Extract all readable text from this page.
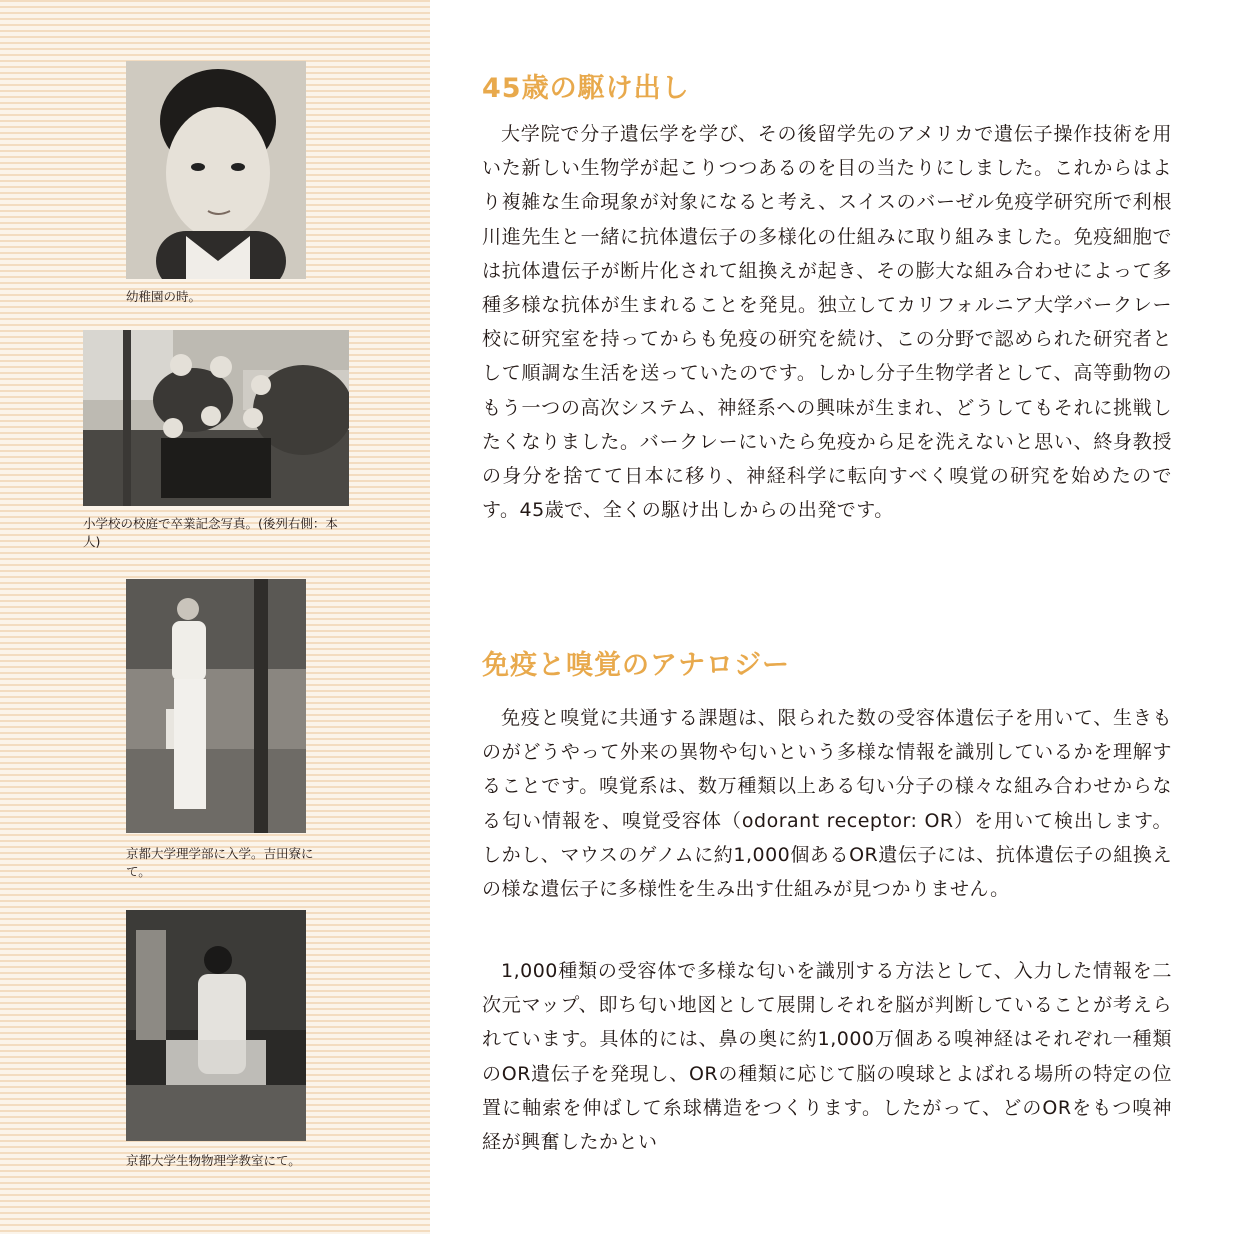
幼稚園の時。
小学校の校庭で卒業記念写真。(後列右側：本人)
京都大学理学部に入学。吉田寮にて。
京都大学生物物理学教室にて。
45歳の駆け出し

大学院で分子遺伝学を学び、その後留学先のアメリカで遺伝子操作技術を用いた新しい生物学が起こりつつあるのを目の当たりにしました。これからはより複雑な生命現象が対象になると考え、スイスのバーゼル免疫学研究所で利根川進先生と一緒に抗体遺伝子の多様化の仕組みに取り組みました。免疫細胞では抗体遺伝子が断片化されて組換えが起き、その膨大な組み合わせによって多種多様な抗体が生まれることを発見。独立してカリフォルニア大学バークレー校に研究室を持ってからも免疫の研究を続け、この分野で認められた研究者として順調な生活を送っていたのです。しかし分子生物学者として、高等動物のもう一つの高次システム、神経系への興味が生まれ、どうしてもそれに挑戦したくなりました。バークレーにいたら免疫から足を洗えないと思い、終身教授の身分を捨てて日本に移り、神経科学に転向すべく嗅覚の研究を始めたのです。45歳で、全くの駆け出しからの出発です。

免疫と嗅覚のアナロジー

免疫と嗅覚に共通する課題は、限られた数の受容体遺伝子を用いて、生きものがどうやって外来の異物や匂いという多様な情報を識別しているかを理解することです。嗅覚系は、数万種類以上ある匂い分子の様々な組み合わせからなる匂い情報を、嗅覚受容体（odorant receptor: OR）を用いて検出します。しかし、マウスのゲノムに約1,000個あるOR遺伝子には、抗体遺伝子の組換えの様な遺伝子に多様性を生み出す仕組みが見つかりません。

1,000種類の受容体で多様な匂いを識別する方法として、入力した情報を二次元マップ、即ち匂い地図として展開しそれを脳が判断していることが考えられています。具体的には、鼻の奥に約1,000万個ある嗅神経はそれぞれ一種類のOR遺伝子を発現し、ORの種類に応じて脳の嗅球とよばれる場所の特定の位置に軸索を伸ばして糸球構造をつくります。したがって、どのORをもつ嗅神経が興奮したかとい
